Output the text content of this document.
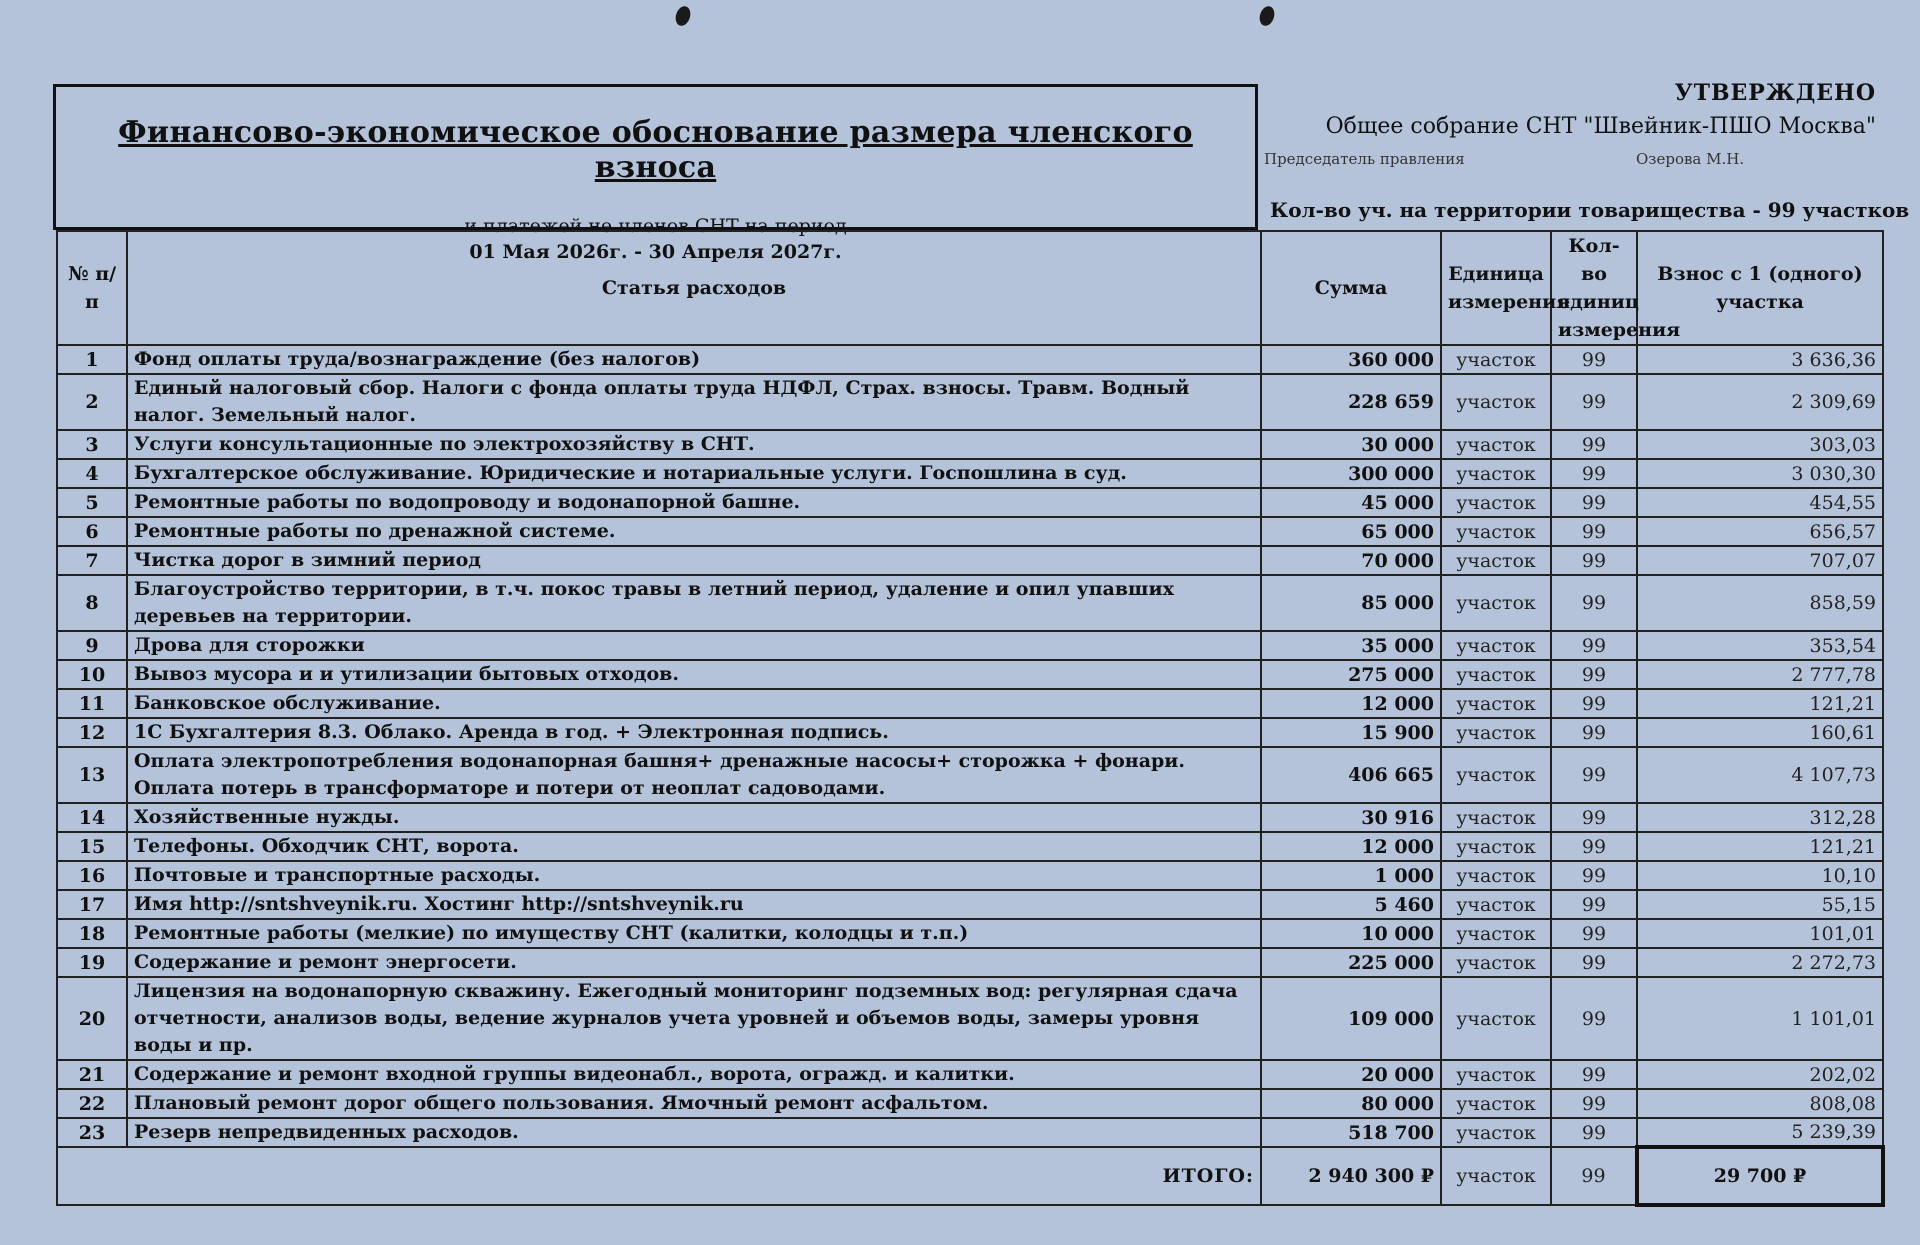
Финансово-экономическое обоснование размера членского взноса
и платежей не членов СНТ на период
01 Мая 2026г. - 30 Апреля 2027г.
УТВЕРЖДЕНО
Общее собрание СНТ "Швейник-ПШО Москва"
Председатель правления	Озерова М.Н.
Кол-во уч. на территории товарищества - 99 участков
№ п/п	Статья расходов	Сумма	Единица измерения	Кол-во единиц измерения	Взнос с 1 (одного) участка
1	Фонд оплаты труда/вознаграждение (без налогов)	360 000	участок	99	3 636,36
2	Единый налоговый сбор. Налоги с фонда оплаты труда НДФЛ, Страх. взносы. Травм. Водный налог. Земельный налог.	228 659	участок	99	2 309,69
3	Услуги консультационные по электрохозяйству в СНТ.	30 000	участок	99	303,03
4	Бухгалтерское обслуживание. Юридические и нотариальные услуги. Госпошлина в суд.	300 000	участок	99	3 030,30
5	Ремонтные работы по водопроводу и водонапорной башне.	45 000	участок	99	454,55
6	Ремонтные работы по дренажной системе.	65 000	участок	99	656,57
7	Чистка дорог в зимний период	70 000	участок	99	707,07
8	Благоустройство территории, в т.ч. покос травы в летний период, удаление и опил упавших деревьев на территории.	85 000	участок	99	858,59
9	Дрова для сторожки	35 000	участок	99	353,54
10	Вывоз мусора и и утилизации бытовых отходов.	275 000	участок	99	2 777,78
11	Банковское обслуживание.	12 000	участок	99	121,21
12	1С Бухгалтерия 8.3. Облако. Аренда в год. + Электронная подпись.	15 900	участок	99	160,61
13	Оплата электропотребления водонапорная башня+ дренажные насосы+ сторожка + фонари. Оплата потерь в трансформаторе и потери от неоплат садоводами.	406 665	участок	99	4 107,73
14	Хозяйственные нужды.	30 916	участок	99	312,28
15	Телефоны. Обходчик СНТ, ворота.	12 000	участок	99	121,21
16	Почтовые и транспортные расходы.	1 000	участок	99	10,10
17	Имя http://sntshveynik.ru. Хостинг http://sntshveynik.ru	5 460	участок	99	55,15
18	Ремонтные работы (мелкие) по имуществу СНТ (калитки, колодцы и т.п.)	10 000	участок	99	101,01
19	Содержание и ремонт энергосети.	225 000	участок	99	2 272,73
20	Лицензия на водонапорную скважину. Ежегодный мониторинг подземных вод: регулярная сдача отчетности, анализов воды, ведение журналов учета уровней и объемов воды, замеры уровня воды и пр.	109 000	участок	99	1 101,01
21	Содержание и ремонт входной группы видеонабл., ворота, огражд. и калитки.	20 000	участок	99	202,02
22	Плановый ремонт дорог общего пользования. Ямочный ремонт асфальтом.	80 000	участок	99	808,08
23	Резерв непредвиденных расходов.	518 700	участок	99	5 239,39
ИТОГО:		2 940 300 ₽	участок	99	29 700 ₽
